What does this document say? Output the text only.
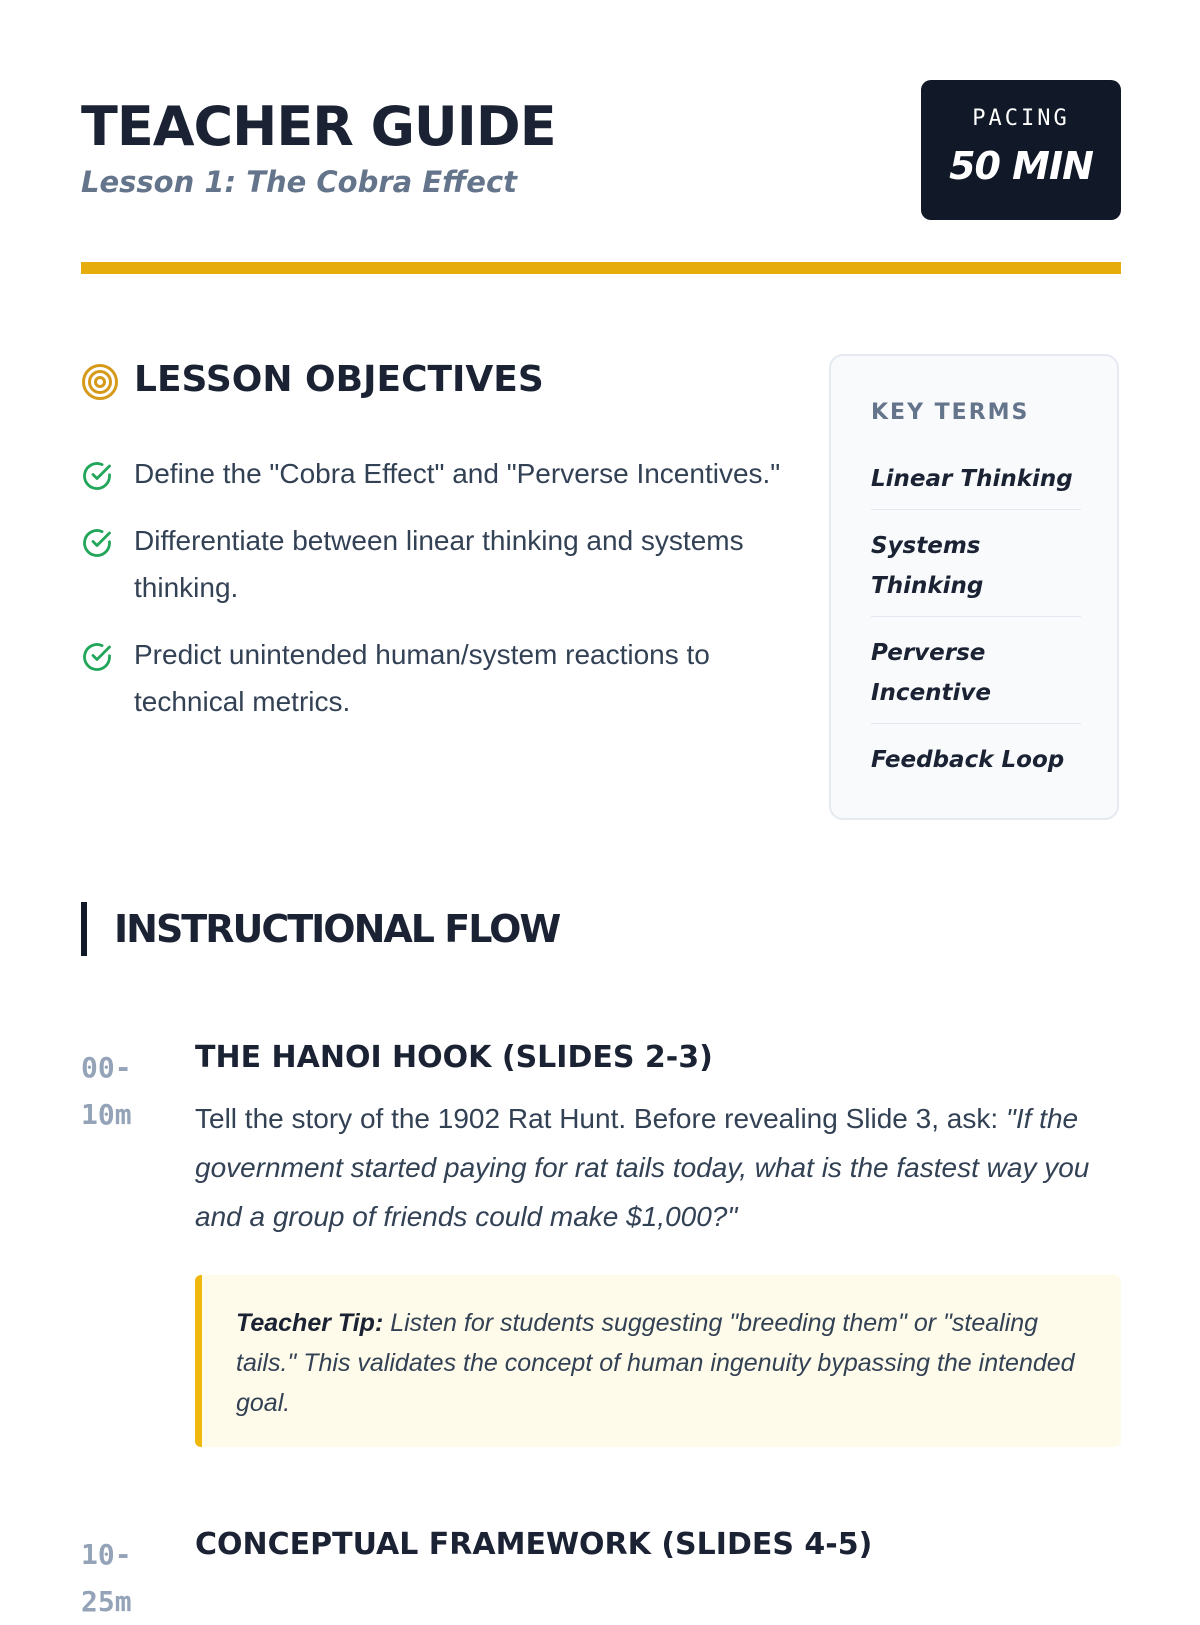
TEACHER GUIDE

Lesson 1: The Cobra Effect

PACING
50 MIN
LESSON OBJECTIVES
Define the "Cobra Effect" and "Perverse Incentives."
Differentiate between linear thinking and systems thinking.
Predict unintended human/system reactions to technical metrics.
KEY TERMS
Linear Thinking
Systems Thinking
Perverse Incentive
Feedback Loop
INSTRUCTIONAL FLOW
00-
10m
THE HANOI HOOK (SLIDES 2-3)

Tell the story of the 1902 Rat Hunt. Before revealing Slide 3, ask: "If the government started paying for rat tails today, what is the fastest way you and a group of friends could make $1,000?"

Teacher Tip: Listen for students suggesting "breeding them" or "stealing tails." This validates the concept of human ingenuity bypassing the intended goal.
10-
25m
CONCEPTUAL FRAMEWORK (SLIDES 4-5)
